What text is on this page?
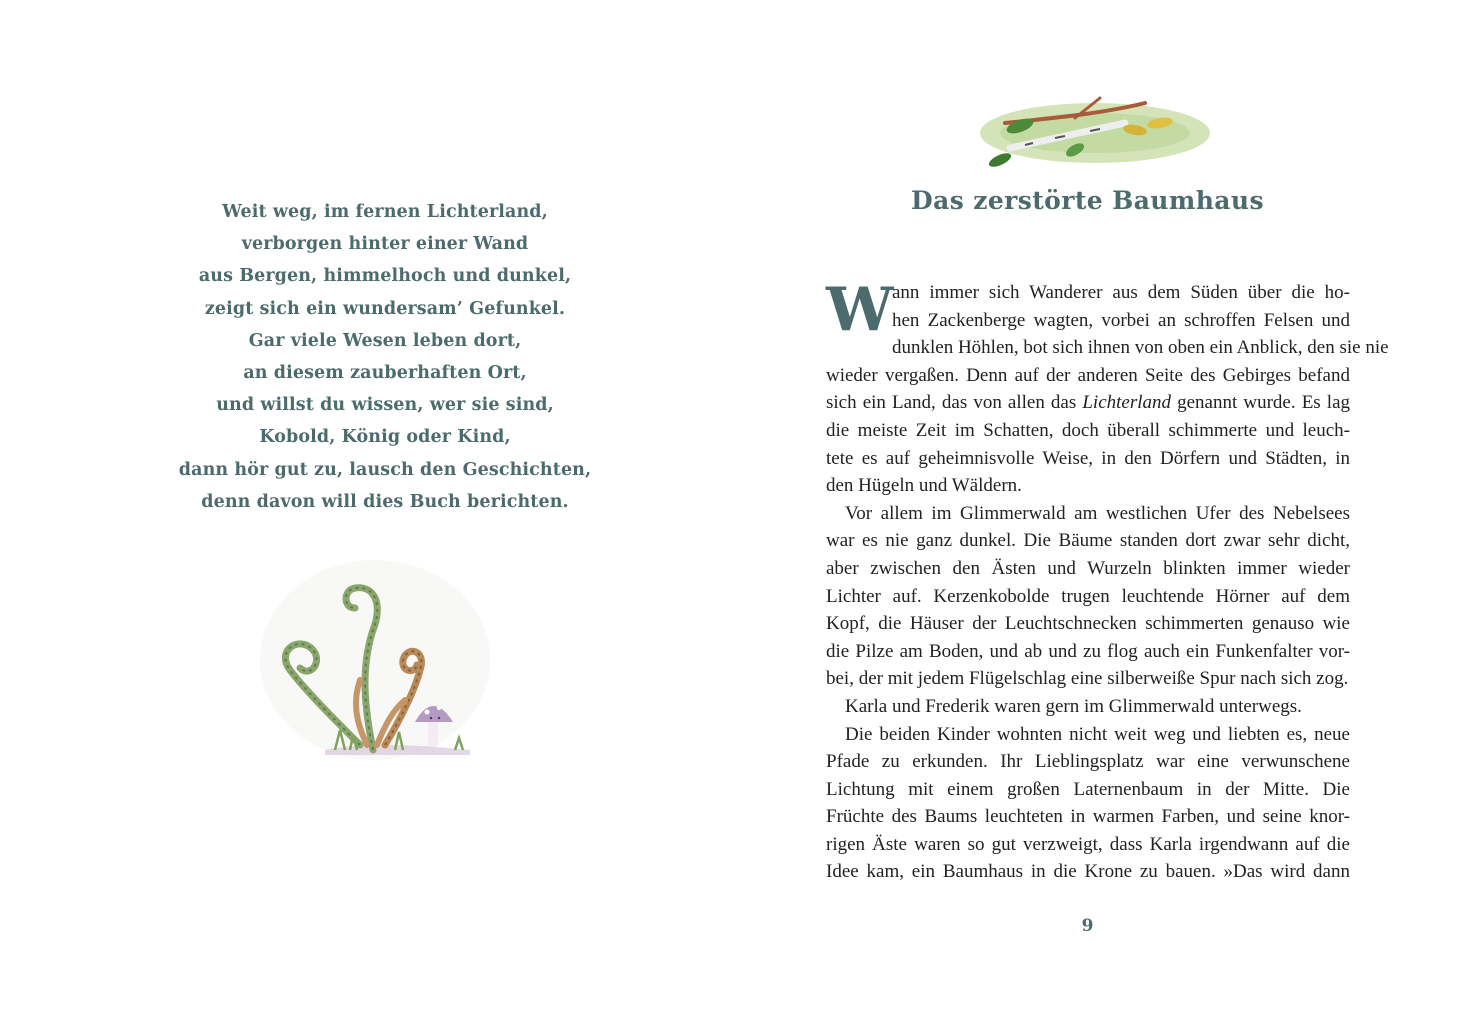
Weit weg, im fernen Lichterland,
verborgen hinter einer Wand
aus Bergen, himmelhoch und dunkel,
zeigt sich ein wundersam’ Gefunkel.
Gar viele Wesen leben dort,
an diesem zauberhaften Ort,
und willst du wissen, wer sie sind,
Kobold, König oder Kind,
dann hör gut zu, lausch den Geschichten,
denn davon will dies Buch berichten.
Das zerstörte Baumhaus

W
ann immer sich Wanderer aus dem Süden über die ho-
hen Zackenberge wagten, vorbei an schroffen Felsen und
dunklen Höhlen, bot sich ihnen von oben ein Anblick, den sie nie
wieder vergaßen. Denn auf der anderen Seite des Gebirges befand
sich ein Land, das von allen das Lichterland genannt wurde. Es lag
die meiste Zeit im Schatten, doch überall schimmerte und leuch-
tete es auf geheimnisvolle Weise, in den Dörfern und Städten, in
den Hügeln und Wäldern.

Vor allem im Glimmerwald am westlichen Ufer des Nebelsees
war es nie ganz dunkel. Die Bäume standen dort zwar sehr dicht,
aber zwischen den Ästen und Wurzeln blinkten immer wieder
Lichter auf. Kerzenkobolde trugen leuchtende Hörner auf dem
Kopf, die Häuser der Leuchtschnecken schimmerten genauso wie
die Pilze am Boden, und ab und zu flog auch ein Funkenfalter vor-
bei, der mit jedem Flügelschlag eine silberweiße Spur nach sich zog.

Karla und Frederik waren gern im Glimmerwald unterwegs.

Die beiden Kinder wohnten nicht weit weg und liebten es, neue
Pfade zu erkunden. Ihr Lieblingsplatz war eine verwunschene
Lichtung mit einem großen Laternenbaum in der Mitte. Die
Früchte des Baums leuchteten in warmen Farben, und seine knor-
rigen Äste waren so gut verzweigt, dass Karla irgendwann auf die
Idee kam, ein Baumhaus in die Krone zu bauen. »Das wird dann

9
